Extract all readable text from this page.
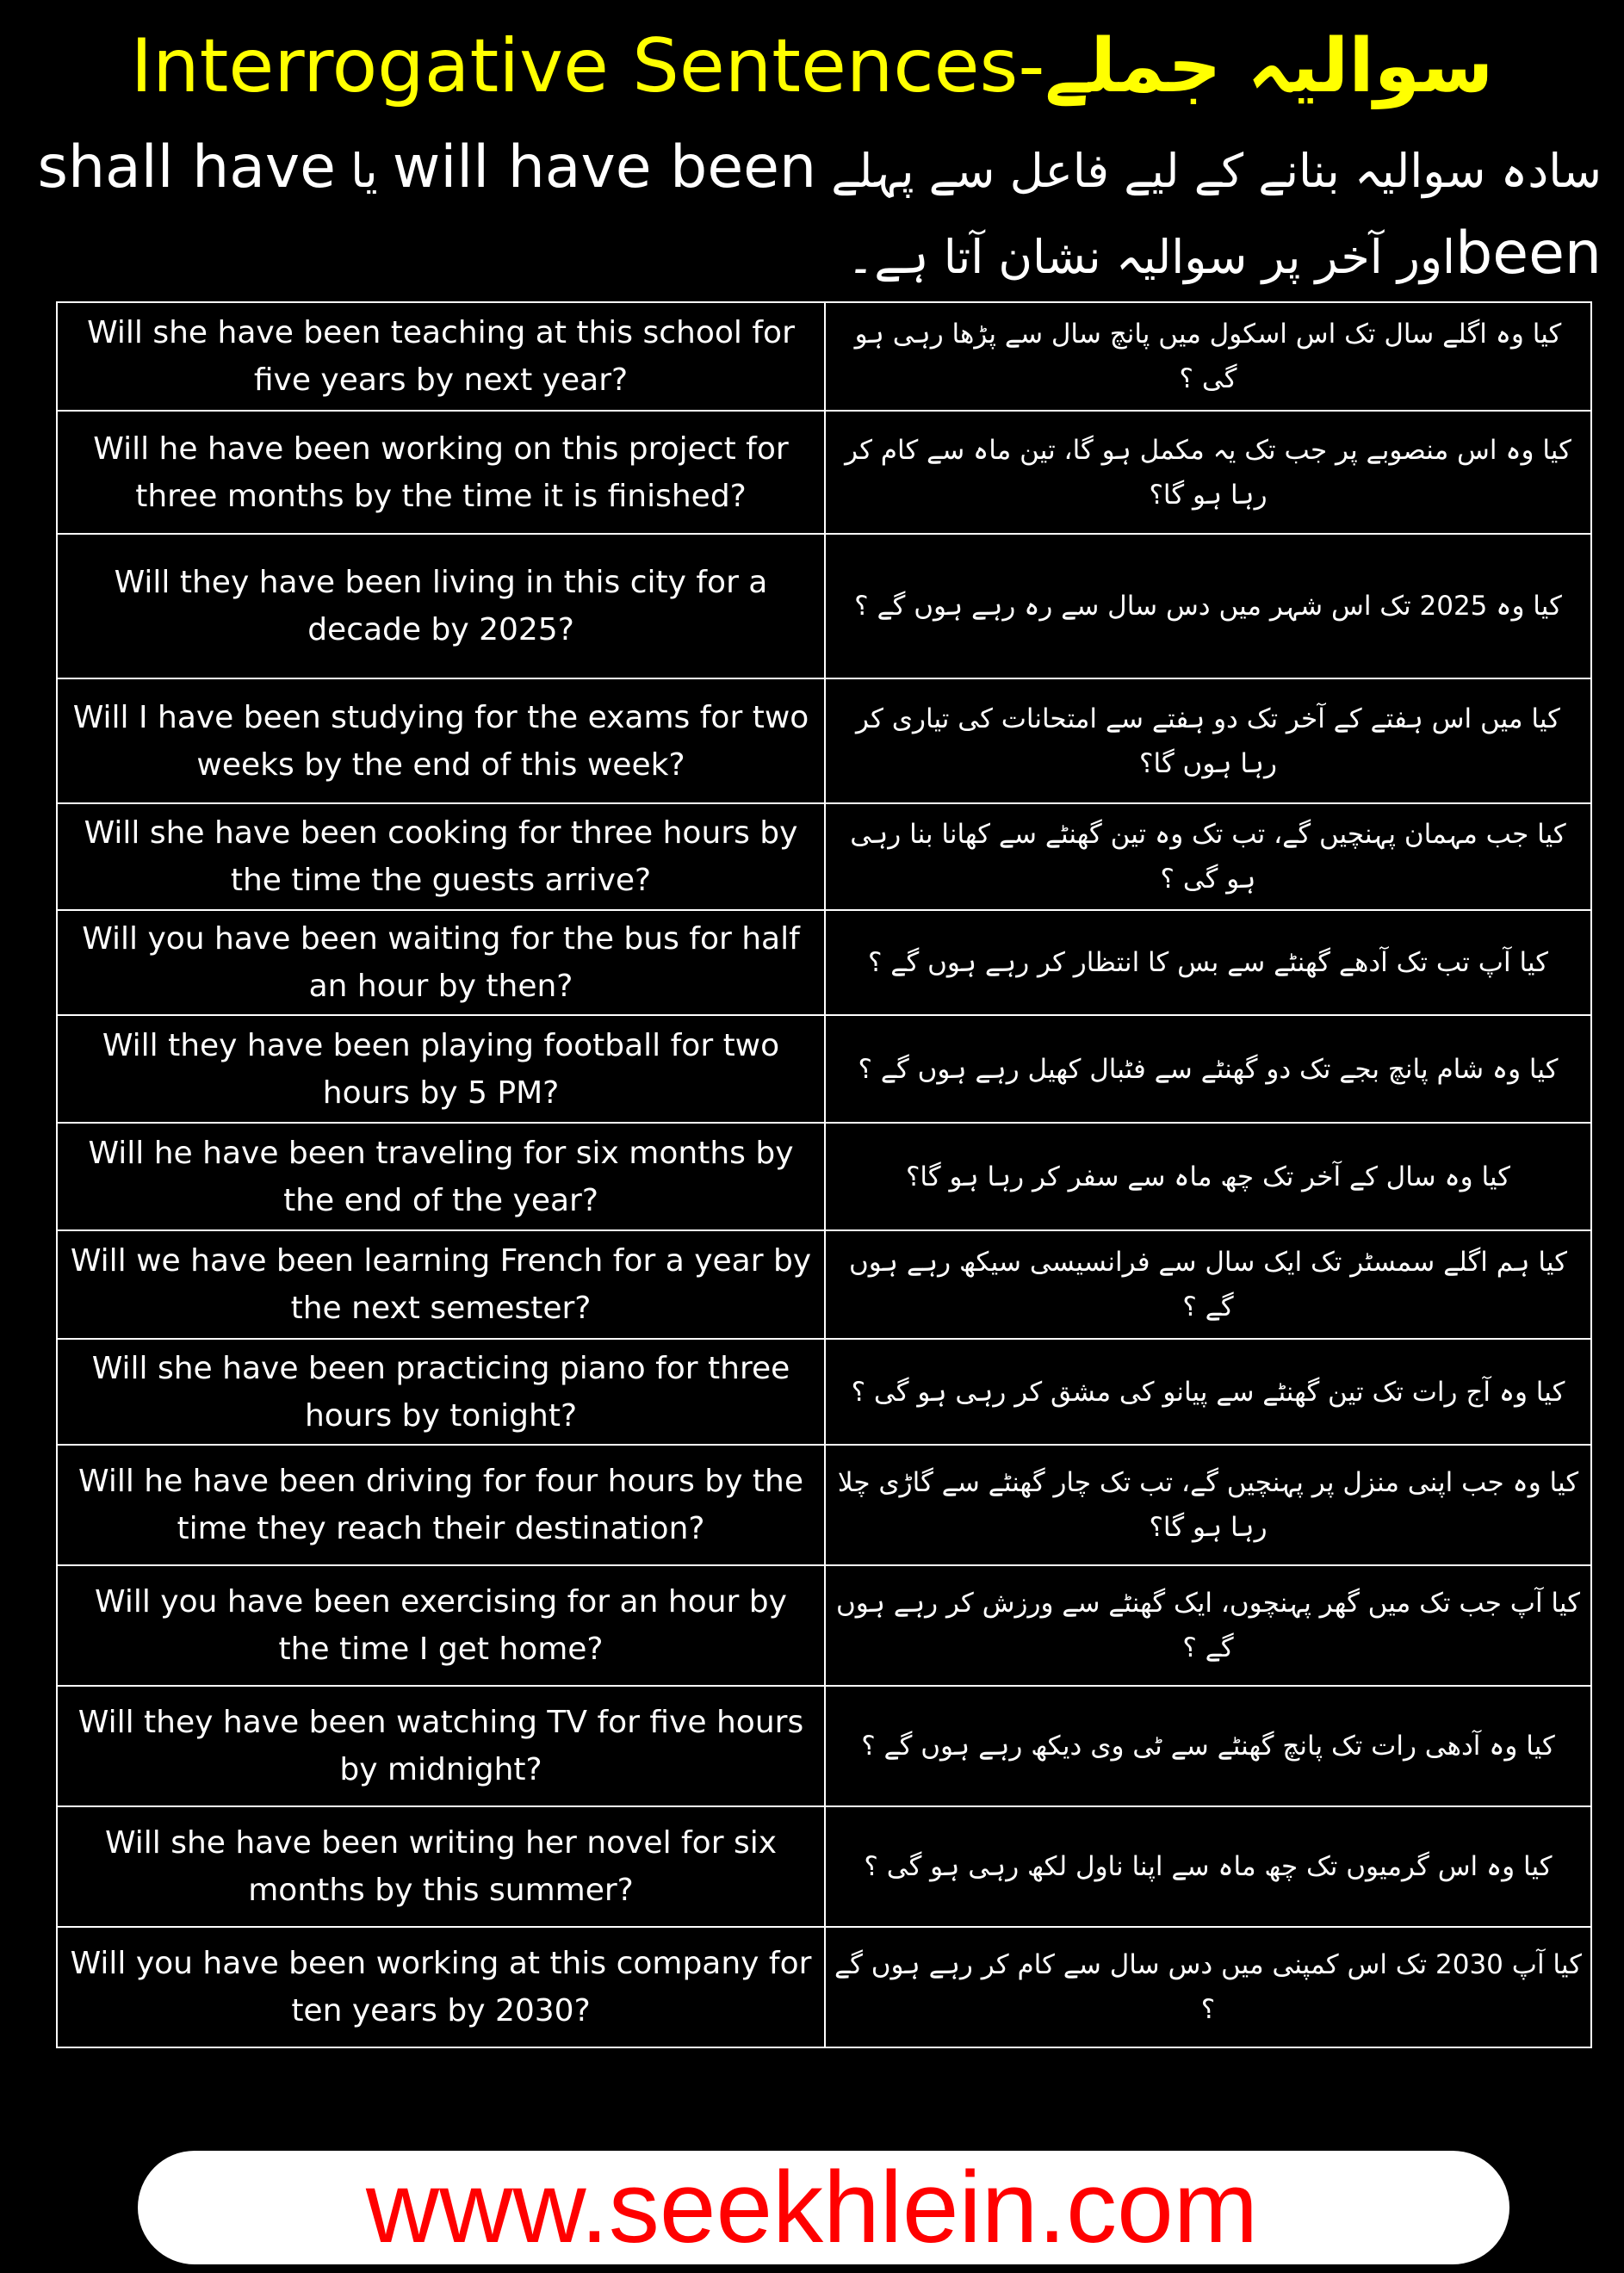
Interrogative Sentences-سوالیہ جملے
سادہ سوالیہ بنانے کے لیے فاعل سے پہلے will have been یا shall have
beenاور آخر پر سوالیہ نشان آتا ہے۔
Will she have been teaching at this school for five years by next year?	کیا وہ اگلے سال تک اس اسکول میں پانچ سال سے پڑھا رہی ہو گی ؟
Will he have been working on this project for three months by the time it is finished?	کیا وہ اس منصوبے پر جب تک یہ مکمل ہو گا، تین ماہ سے کام کر رہا ہو گا؟
Will they have been living in this city for a decade by 2025?	کیا وہ 2025 تک اس شہر میں دس سال سے رہ رہے ہوں گے ؟
Will I have been studying for the exams for two weeks by the end of this week?	کیا میں اس ہفتے کے آخر تک دو ہفتے سے امتحانات کی تیاری کر رہا ہوں گا؟
Will she have been cooking for three hours by the time the guests arrive?	کیا جب مہمان پہنچیں گے، تب تک وہ تین گھنٹے سے کھانا بنا رہی ہو گی ؟
Will you have been waiting for the bus for half an hour by then?	کیا آپ تب تک آدھے گھنٹے سے بس کا انتظار کر رہے ہوں گے ؟
Will they have been playing football for two hours by 5 PM?	کیا وہ شام پانچ بجے تک دو گھنٹے سے فٹبال کھیل رہے ہوں گے ؟
Will he have been traveling for six months by the end of the year?	کیا وہ سال کے آخر تک چھ ماہ سے سفر کر رہا ہو گا؟
Will we have been learning French for a year by the next semester?	کیا ہم اگلے سمسٹر تک ایک سال سے فرانسیسی سیکھ رہے ہوں گے ؟
Will she have been practicing piano for three hours by tonight?	کیا وہ آج رات تک تین گھنٹے سے پیانو کی مشق کر رہی ہو گی ؟
Will he have been driving for four hours by the time they reach their destination?	کیا وہ جب اپنی منزل پر پہنچیں گے، تب تک چار گھنٹے سے گاڑی چلا رہا ہو گا؟
Will you have been exercising for an hour by the time I get home?	کیا آپ جب تک میں گھر پہنچوں، ایک گھنٹے سے ورزش کر رہے ہوں گے ؟
Will they have been watching TV for five hours by midnight?	کیا وہ آدھی رات تک پانچ گھنٹے سے ٹی وی دیکھ رہے ہوں گے ؟
Will she have been writing her novel for six months by this summer?	کیا وہ اس گرمیوں تک چھ ماہ سے اپنا ناول لکھ رہی ہو گی ؟
Will you have been working at this company for ten years by 2030?	کیا آپ 2030 تک اس کمپنی میں دس سال سے کام کر رہے ہوں گے ؟
www.seekhlein.com
